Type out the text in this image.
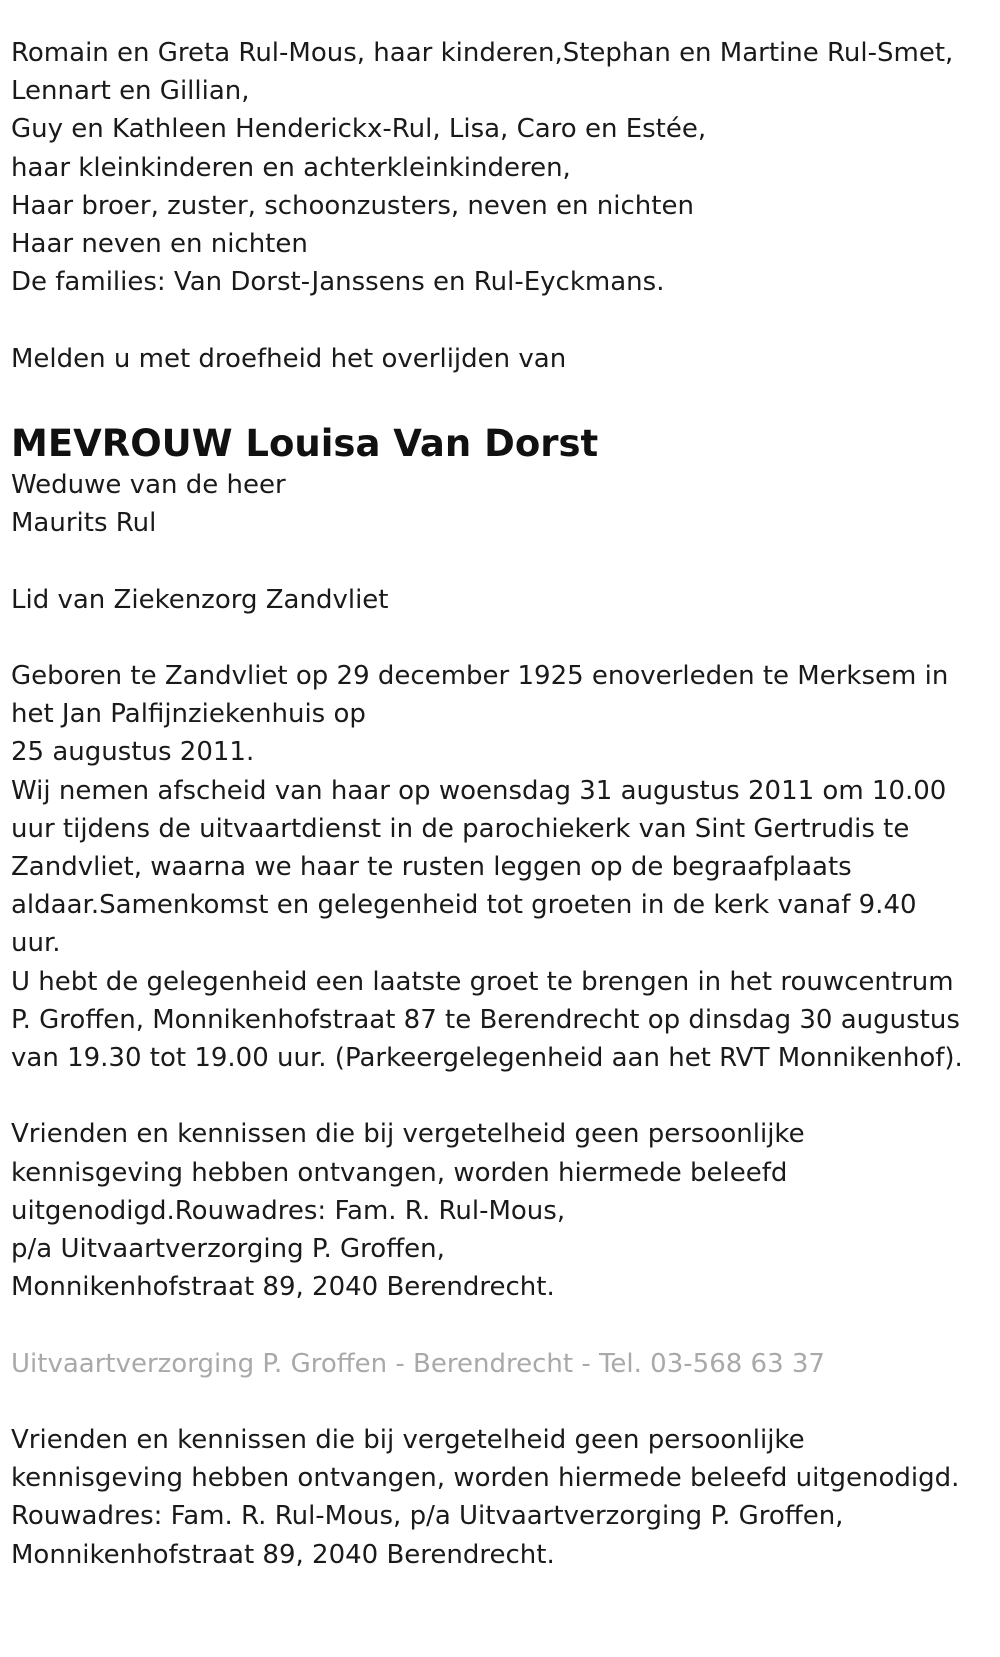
Romain en Greta Rul-Mous, haar kinderen,Stephan en Martine Rul-Smet,
Lennart en Gillian,
Guy en Kathleen Henderickx-Rul, Lisa, Caro en Estée,
haar kleinkinderen en achterkleinkinderen,
Haar broer, zuster, schoonzusters, neven en nichten
Haar neven en nichten
De families: Van Dorst-Janssens en Rul-Eyckmans.
Melden u met droefheid het overlijden van
MEVROUW Louisa Van Dorst
Weduwe van de heer
Maurits Rul
Lid van Ziekenzorg Zandvliet
Geboren te Zandvliet op 29 december 1925 enoverleden te Merksem in
het Jan Palfijnziekenhuis op
25 augustus 2011.
Wij nemen afscheid van haar op woensdag 31 augustus 2011 om 10.00
uur tijdens de uitvaartdienst in de parochiekerk van Sint Gertrudis te
Zandvliet, waarna we haar te rusten leggen op de begraafplaats
aldaar.Samenkomst en gelegenheid tot groeten in de kerk vanaf 9.40
uur.
U hebt de gelegenheid een laatste groet te brengen in het rouwcentrum
P. Groffen, Monnikenhofstraat 87 te Berendrecht op dinsdag 30 augustus
van 19.30 tot 19.00 uur. (Parkeergelegenheid aan het RVT Monnikenhof).
Vrienden en kennissen die bij vergetelheid geen persoonlijke
kennisgeving hebben ontvangen, worden hiermede beleefd
uitgenodigd.Rouwadres: Fam. R. Rul-Mous,
p/a Uitvaartverzorging P. Groffen,
Monnikenhofstraat 89, 2040 Berendrecht.
Uitvaartverzorging P. Groffen - Berendrecht - Tel. 03-568 63 37
Vrienden en kennissen die bij vergetelheid geen persoonlijke
kennisgeving hebben ontvangen, worden hiermede beleefd uitgenodigd.
Rouwadres: Fam. R. Rul-Mous, p/a Uitvaartverzorging P. Groffen,
Monnikenhofstraat 89, 2040 Berendrecht.
